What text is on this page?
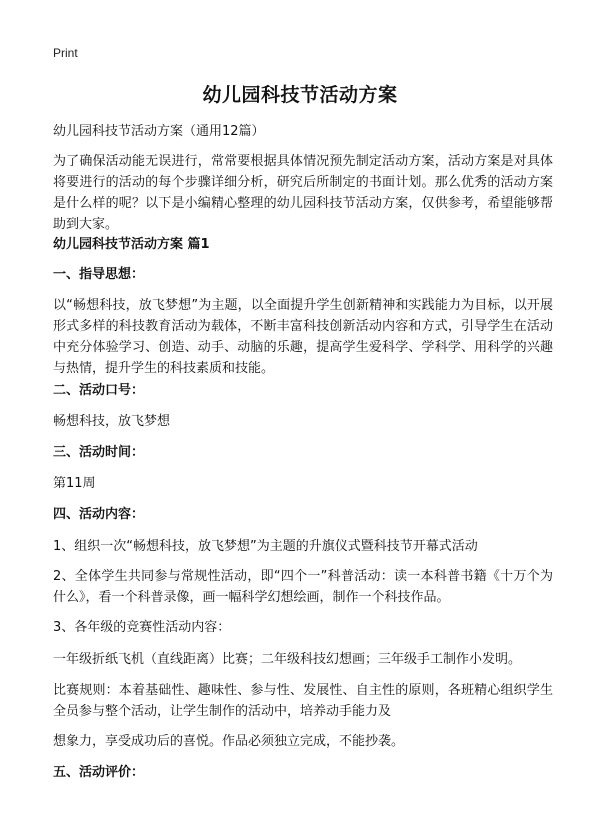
Print
幼儿园科技节活动方案

幼儿园科技节活动方案（通用12篇）

为了确保活动能无误进行，常常要根据具体情况预先制定活动方案，活动方案是对具体将要进行的活动的每个步骤详细分析，研究后所制定的书面计划。那么优秀的活动方案是什么样的呢？以下是小编精心整理的幼儿园科技节活动方案，仅供参考，希望能够帮助到大家。

幼儿园科技节活动方案 篇1
一、指导思想：

以“畅想科技，放飞梦想”为主题，以全面提升学生创新精神和实践能力为目标，以开展形式多样的科技教育活动为载体，不断丰富科技创新活动内容和方式，引导学生在活动中充分体验学习、创造、动手、动脑的乐趣，提高学生爱科学、学科学、用科学的兴趣与热情，提升学生的科技素质和技能。

二、活动口号：

畅想科技，放飞梦想

三、活动时间：

第11周

四、活动内容：

1、组织一次“畅想科技，放飞梦想”为主题的升旗仪式暨科技节开幕式活动

2、全体学生共同参与常规性活动，即“四个一”科普活动：读一本科普书籍《十万个为什么》，看一个科普录像，画一幅科学幻想绘画，制作一个科技作品。

3、各年级的竞赛性活动内容：

一年级折纸飞机（直线距离）比赛；二年级科技幻想画；三年级手工制作小发明。

比赛规则：本着基础性、趣味性、参与性、发展性、自主性的原则，各班精心组织学生全员参与整个活动，让学生制作的活动中，培养动手能力及

想象力，享受成功后的喜悦。作品必须独立完成，不能抄袭。

五、活动评价：
